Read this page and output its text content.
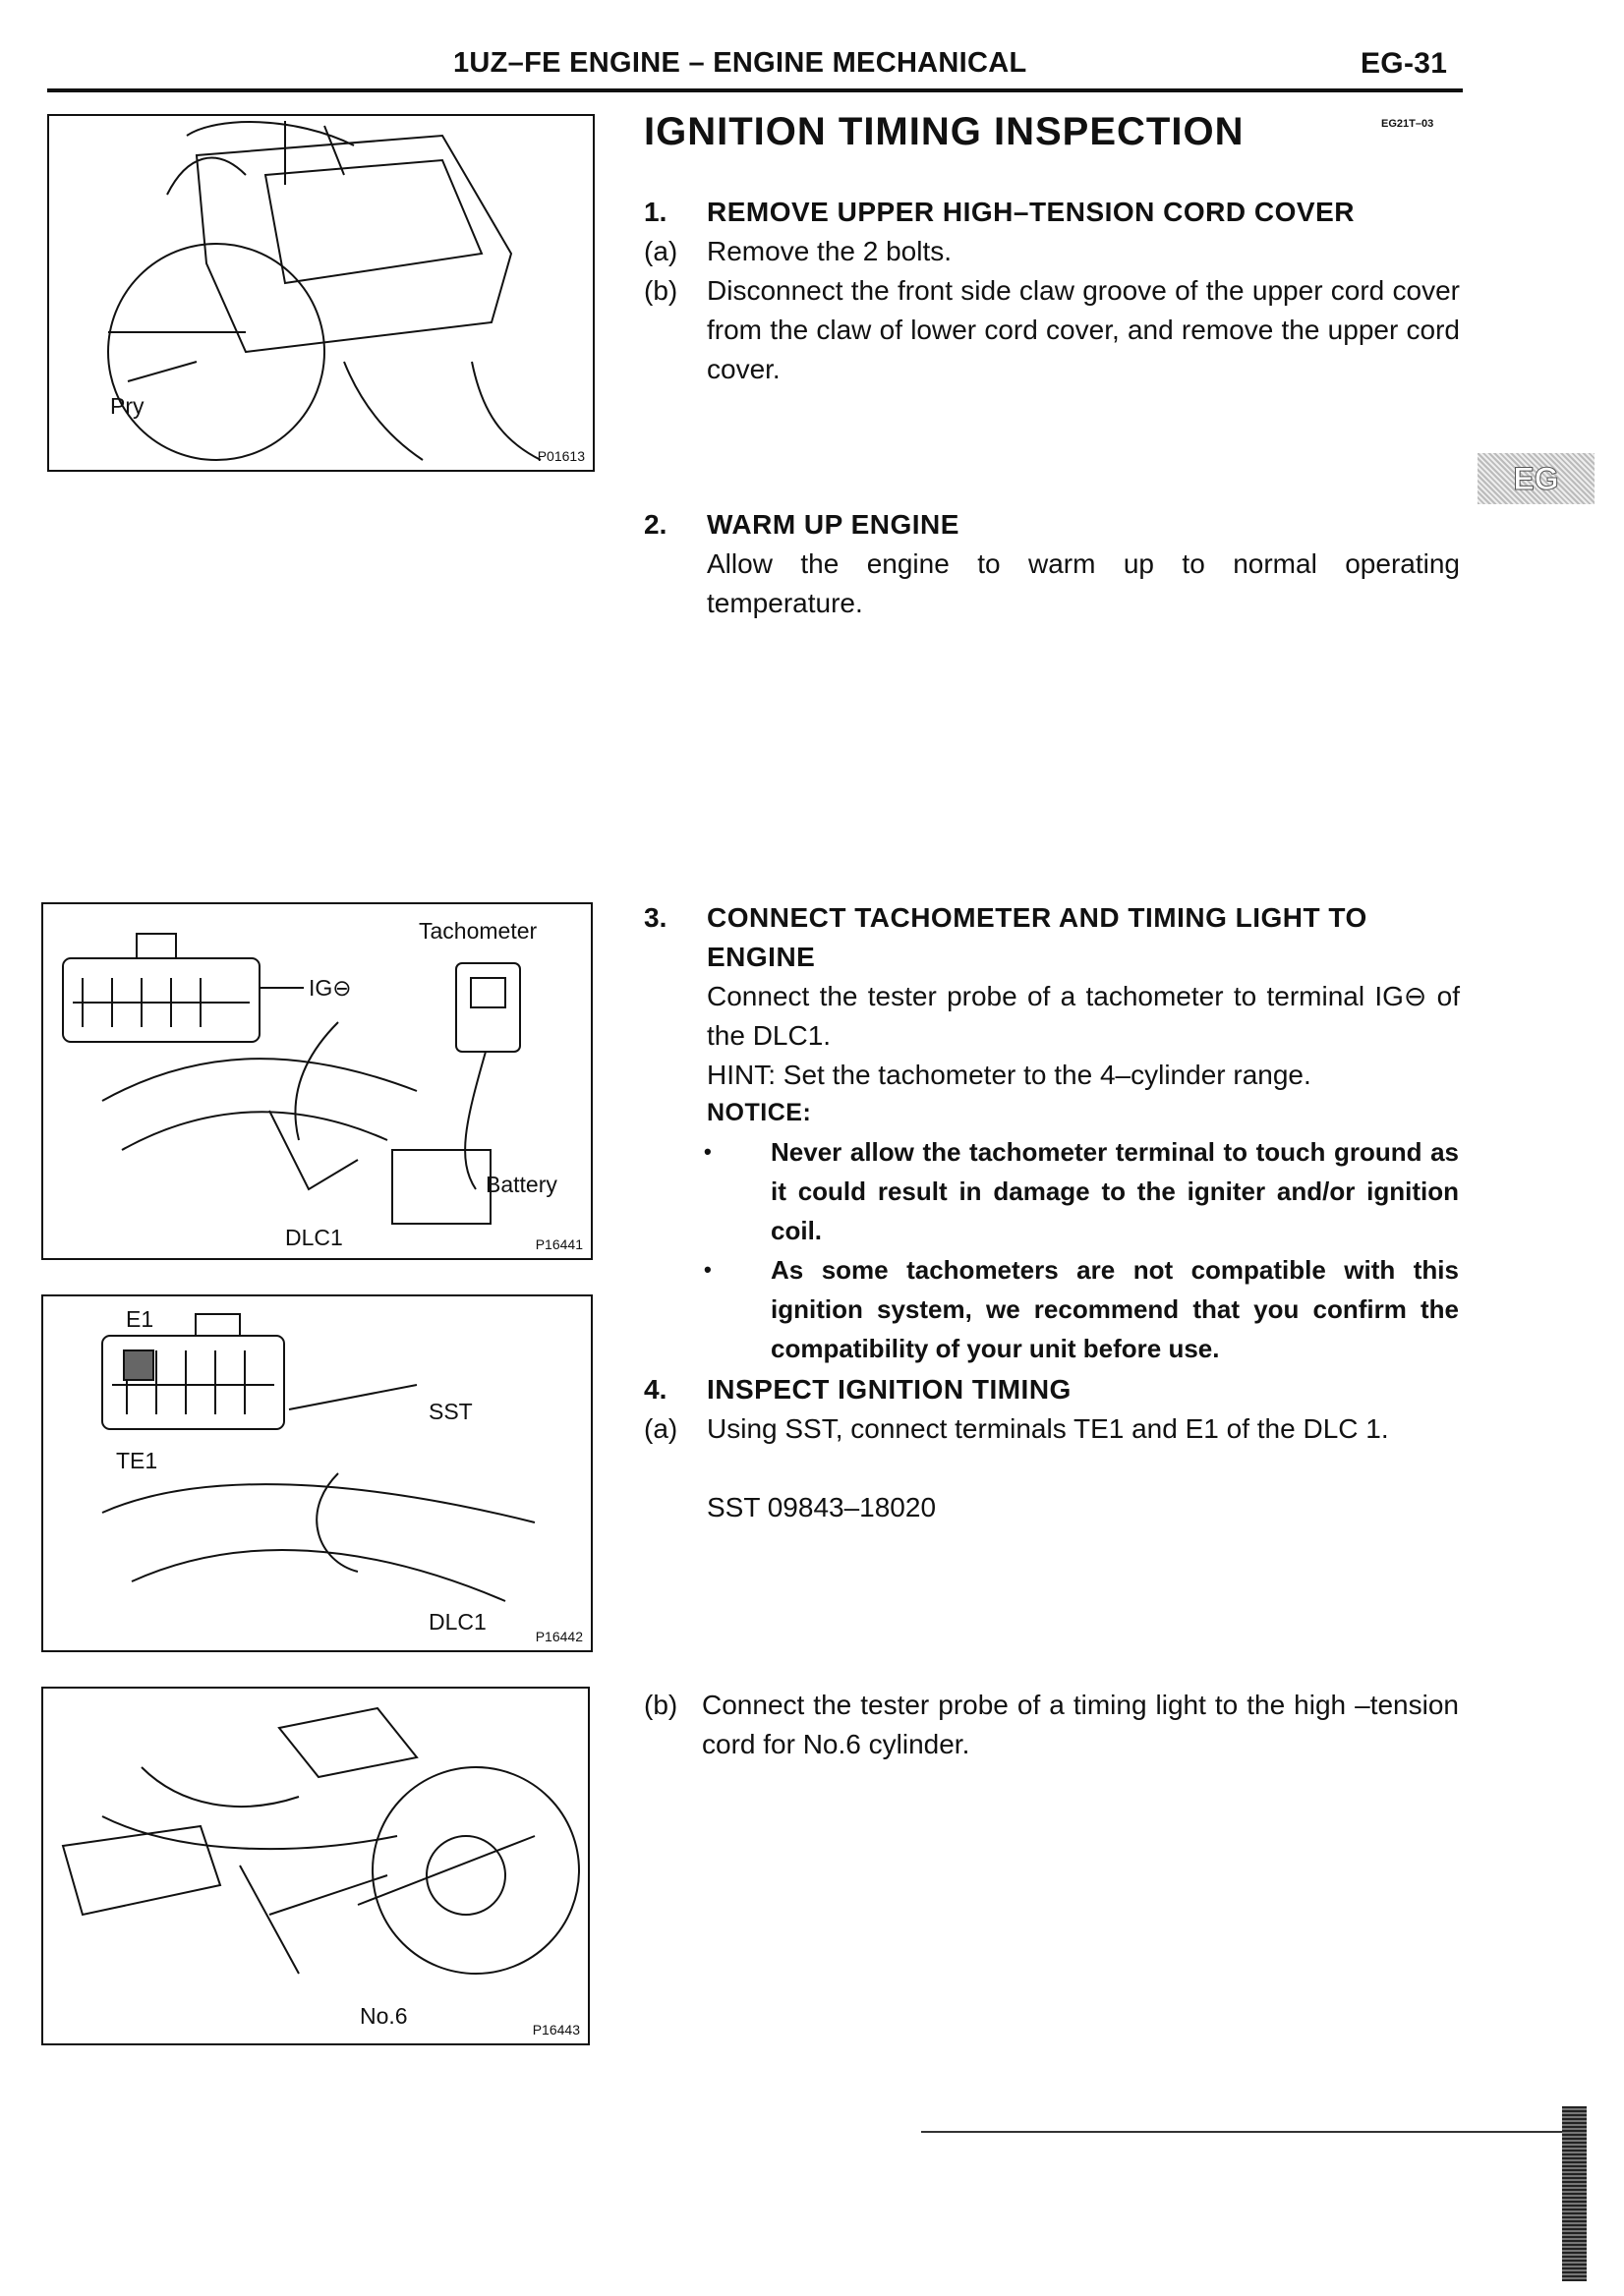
1UZ–FE ENGINE – ENGINE MECHANICAL	EG-31
Pry
P01613
IGNITION TIMING INSPECTION	EG21T–03
1. REMOVE UPPER HIGH–TENSION CORD COVER
(a) Remove the 2 bolts.
(b) Disconnect the front side claw groove of the upper cord cover from the claw of lower cord cover, and remove the upper cord cover.
EG
2. WARM UP ENGINE
Allow the engine to warm up to normal operating temperature.
Tachometer
IG⊖
Battery
DLC1	P16441
3. CONNECT TACHOMETER AND TIMING LIGHT TO ENGINE
Connect the tester probe of a tachometer to terminal IG⊖ of the DLC1.
HINT: Set the tachometer to the 4–cylinder range.
NOTICE:
• Never allow the tachometer terminal to touch ground as it could result in damage to the igniter and/or ignition coil.
• As some tachometers are not compatible with this ignition system, we recommend that you confirm the compatibility of your unit before use.
E1
SST
TE1
DLC1
P16442
4. INSPECT IGNITION TIMING
(a) Using SST, connect terminals TE1 and E1 of the DLC 1.
SST 09843–18020
No.6
P16443
(b) Connect the tester probe of a timing light to the high –tension cord for No.6 cylinder.
